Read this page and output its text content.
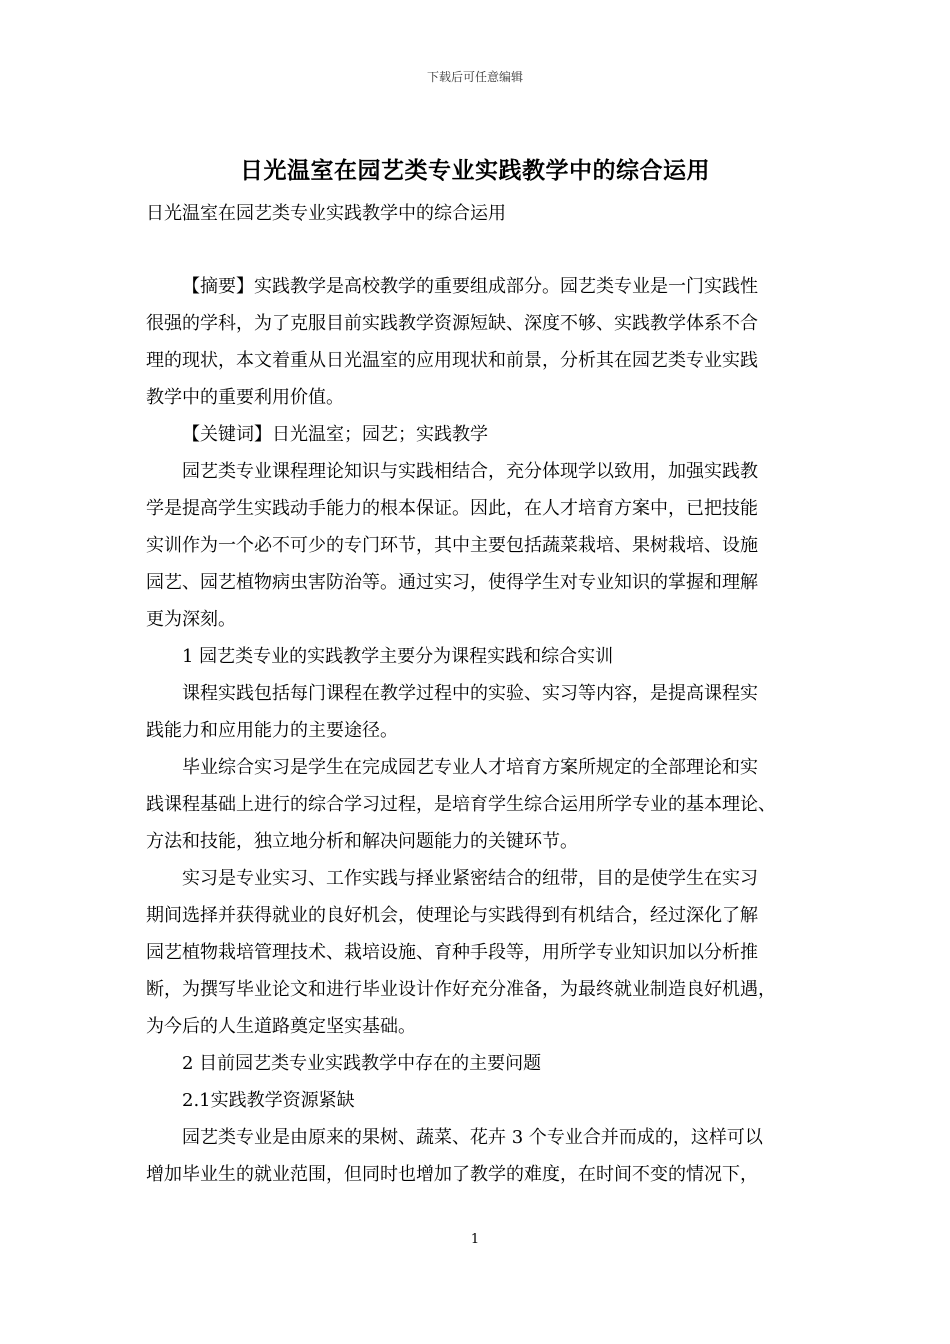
下载后可任意编辑
日光温室在园艺类专业实践教学中的综合运用
日光温室在园艺类专业实践教学中的综合运用
【摘要】实践教学是高校教学的重要组成部分。园艺类专业是一门实践性
很强的学科，为了克服目前实践教学资源短缺、深度不够、实践教学体系不合
理的现状，本文着重从日光温室的应用现状和前景，分析其在园艺类专业实践
教学中的重要利用价值。
【关键词】日光温室；园艺；实践教学
园艺类专业课程理论知识与实践相结合，充分体现学以致用，加强实践教
学是提高学生实践动手能力的根本保证。因此，在人才培育方案中，已把技能
实训作为一个必不可少的专门环节，其中主要包括蔬菜栽培、果树栽培、设施
园艺、园艺植物病虫害防治等。通过实习，使得学生对专业知识的掌握和理解
更为深刻。
1 园艺类专业的实践教学主要分为课程实践和综合实训
课程实践包括每门课程在教学过程中的实验、实习等内容，是提高课程实
践能力和应用能力的主要途径。
毕业综合实习是学生在完成园艺专业人才培育方案所规定的全部理论和实
践课程基础上进行的综合学习过程，是培育学生综合运用所学专业的基本理论、
方法和技能，独立地分析和解决问题能力的关键环节。
实习是专业实习、工作实践与择业紧密结合的纽带，目的是使学生在实习
期间选择并获得就业的良好机会，使理论与实践得到有机结合，经过深化了解
园艺植物栽培管理技术、栽培设施、育种手段等，用所学专业知识加以分析推
断，为撰写毕业论文和进行毕业设计作好充分准备，为最终就业制造良好机遇，
为今后的人生道路奠定坚实基础。
2 目前园艺类专业实践教学中存在的主要问题
2.1实践教学资源紧缺
园艺类专业是由原来的果树、蔬菜、花卉 3 个专业合并而成的，这样可以
增加毕业生的就业范围，但同时也增加了教学的难度，在时间不变的情况下，
1
